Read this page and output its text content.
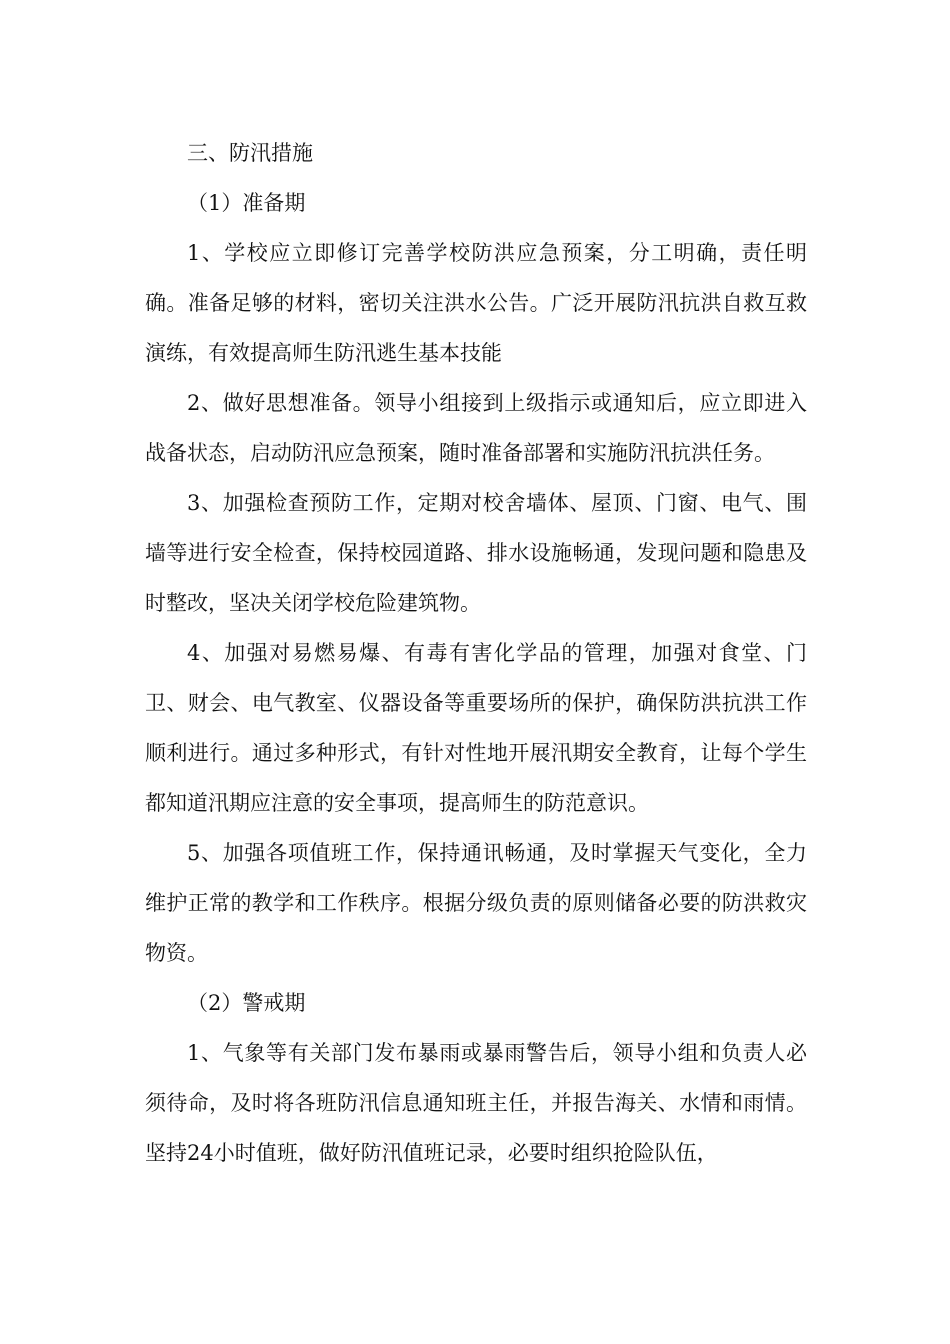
三、防汛措施

（1）准备期

1、学校应立即修订完善学校防洪应急预案，分工明确，责任明确。准备足够的材料，密切关注洪水公告。广泛开展防汛抗洪自救互救演练，有效提高师生防汛逃生基本技能

2、做好思想准备。领导小组接到上级指示或通知后，应立即进入战备状态，启动防汛应急预案，随时准备部署和实施防汛抗洪任务。

3、加强检查预防工作，定期对校舍墙体、屋顶、门窗、电气、围墙等进行安全检查，保持校园道路、排水设施畅通，发现问题和隐患及时整改，坚决关闭学校危险建筑物。

4、加强对易燃易爆、有毒有害化学品的管理，加强对食堂、门卫、财会、电气教室、仪器设备等重要场所的保护，确保防洪抗洪工作顺利进行。通过多种形式，有针对性地开展汛期安全教育，让每个学生都知道汛期应注意的安全事项，提高师生的防范意识。

5、加强各项值班工作，保持通讯畅通，及时掌握天气变化，全力维护正常的教学和工作秩序。根据分级负责的原则储备必要的防洪救灾物资。

（2）警戒期

1、气象等有关部门发布暴雨或暴雨警告后，领导小组和负责人必须待命，及时将各班防汛信息通知班主任，并报告海关、水情和雨情。坚持24小时值班，做好防汛值班记录，必要时组织抢险队伍，
